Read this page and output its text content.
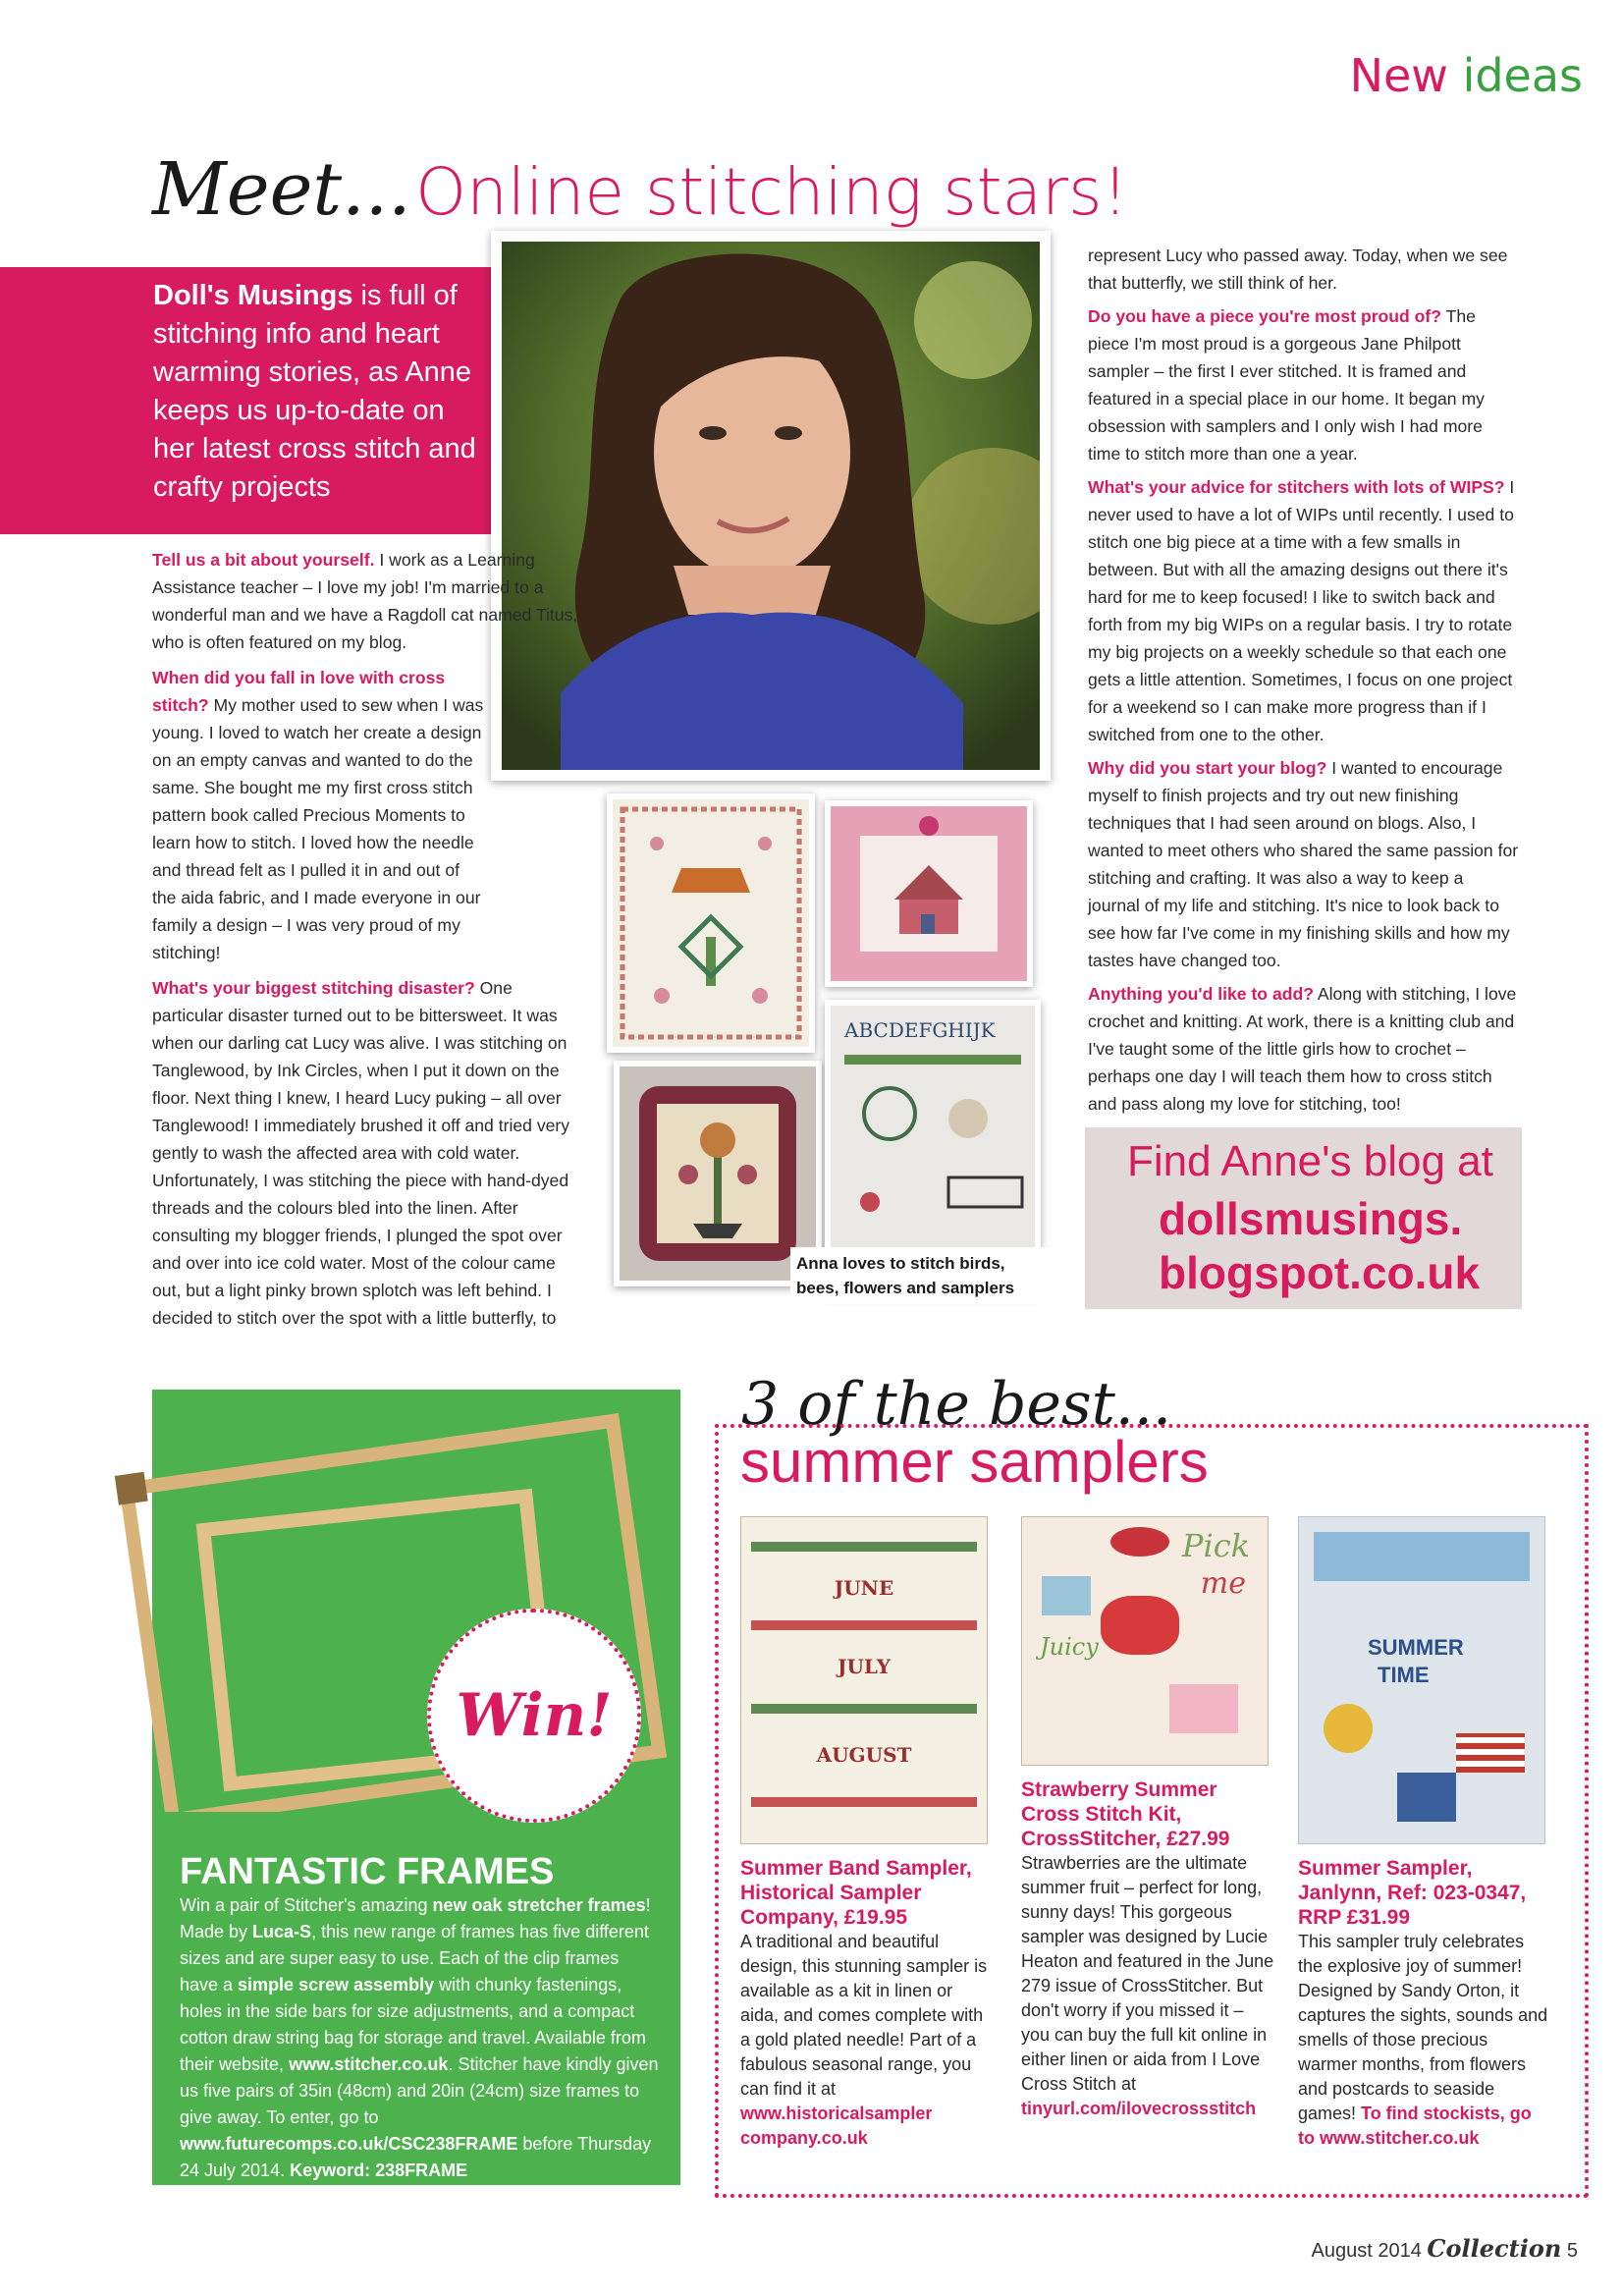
New ideas
Meet... Online stitching stars!
Doll's Musings is full of stitching info and heart warming stories, as Anne keeps us up-to-date on her latest cross stitch and crafty projects

Tell us a bit about yourself. I work as a Learning Assistance teacher – I love my job! I'm married to a wonderful man and we have a Ragdoll cat named Titus, who is often featured on my blog.

When did you fall in love with cross stitch? My mother used to sew when I was young. I loved to watch her create a design on an empty canvas and wanted to do the same. She bought me my first cross stitch pattern book called Precious Moments to learn how to stitch. I loved how the needle and thread felt as I pulled it in and out of the aida fabric, and I made everyone in our family a design – I was very proud of my stitching!

What's your biggest stitching disaster? One particular disaster turned out to be bittersweet. It was when our darling cat Lucy was alive. I was stitching on Tanglewood, by Ink Circles, when I put it down on the floor. Next thing I knew, I heard Lucy puking – all over Tanglewood! I immediately brushed it off and tried very gently to wash the affected area with cold water. Unfortunately, I was stitching the piece with hand-dyed threads and the colours bled into the linen. After consulting my blogger friends, I plunged the spot over and over into ice cold water. Most of the colour came out, but a light pinky brown splotch was left behind. I decided to stitch over the spot with a little butterfly, to

ABCDEFGHIJK
Anna loves to stitch birds, bees, flowers and samplers

represent Lucy who passed away. Today, when we see that butterfly, we still think of her.

Do you have a piece you're most proud of? The piece I'm most proud is a gorgeous Jane Philpott sampler – the first I ever stitched. It is framed and featured in a special place in our home. It began my obsession with samplers and I only wish I had more time to stitch more than one a year.

What's your advice for stitchers with lots of WIPS? I never used to have a lot of WIPs until recently. I used to stitch one big piece at a time with a few smalls in between. But with all the amazing designs out there it's hard for me to keep focused! I like to switch back and forth from my big WIPs on a regular basis. I try to rotate my big projects on a weekly schedule so that each one gets a little attention. Sometimes, I focus on one project for a weekend so I can make more progress than if I switched from one to the other.

Why did you start your blog? I wanted to encourage myself to finish projects and try out new finishing techniques that I had seen around on blogs. Also, I wanted to meet others who shared the same passion for stitching and crafting. It was also a way to keep a journal of my life and stitching. It's nice to look back to see how far I've come in my finishing skills and how my tastes have changed too.

Anything you'd like to add? Along with stitching, I love crochet and knitting. At work, there is a knitting club and I've taught some of the little girls how to crochet – perhaps one day I will teach them how to cross stitch and pass along my love for stitching, too!

Find Anne's blog at
dollsmusings.
blogspot.co.uk
Win!
FANTASTIC FRAMES
Win a pair of Stitcher's amazing new oak stretcher frames! Made by Luca-S, this new range of frames has five different sizes and are super easy to use. Each of the clip frames have a simple screw assembly with chunky fastenings, holes in the side bars for size adjustments, and a compact cotton draw string bag for storage and travel. Available from their website, www.stitcher.co.uk. Stitcher have kindly given us five pairs of 35in (48cm) and 20in (24cm) size frames to give away. To enter, go to www.futurecomps.co.uk/CSC238FRAME before Thursday 24 July 2014. Keyword: 238FRAME
3 of the best...
summer samplers
JUNE
JULY
AUGUST
Summer Band Sampler, Historical Sampler Company, £19.95
A traditional and beautiful design, this stunning sampler is available as a kit in linen or aida, and comes complete with a gold plated needle! Part of a fabulous seasonal range, you can find it at www.historicalsampler company.co.uk
Pick
me
Juicy
Strawberry Summer Cross Stitch Kit, CrossStitcher, £27.99
Strawberries are the ultimate summer fruit – perfect for long, sunny days! This gorgeous sampler was designed by Lucie Heaton and featured in the June 279 issue of CrossStitcher. But don't worry if you missed it – you can buy the full kit online in either linen or aida from I Love Cross Stitch at tinyurl.com/ilovecrossstitch
SUMMER
TIME
Summer Sampler, Janlynn, Ref: 023-0347, RRP £31.99
This sampler truly celebrates the explosive joy of summer! Designed by Sandy Orton, it captures the sights, sounds and smells of those precious warmer months, from flowers and postcards to seaside games! To find stockists, go to www.stitcher.co.uk
August 2014 Collection 5
